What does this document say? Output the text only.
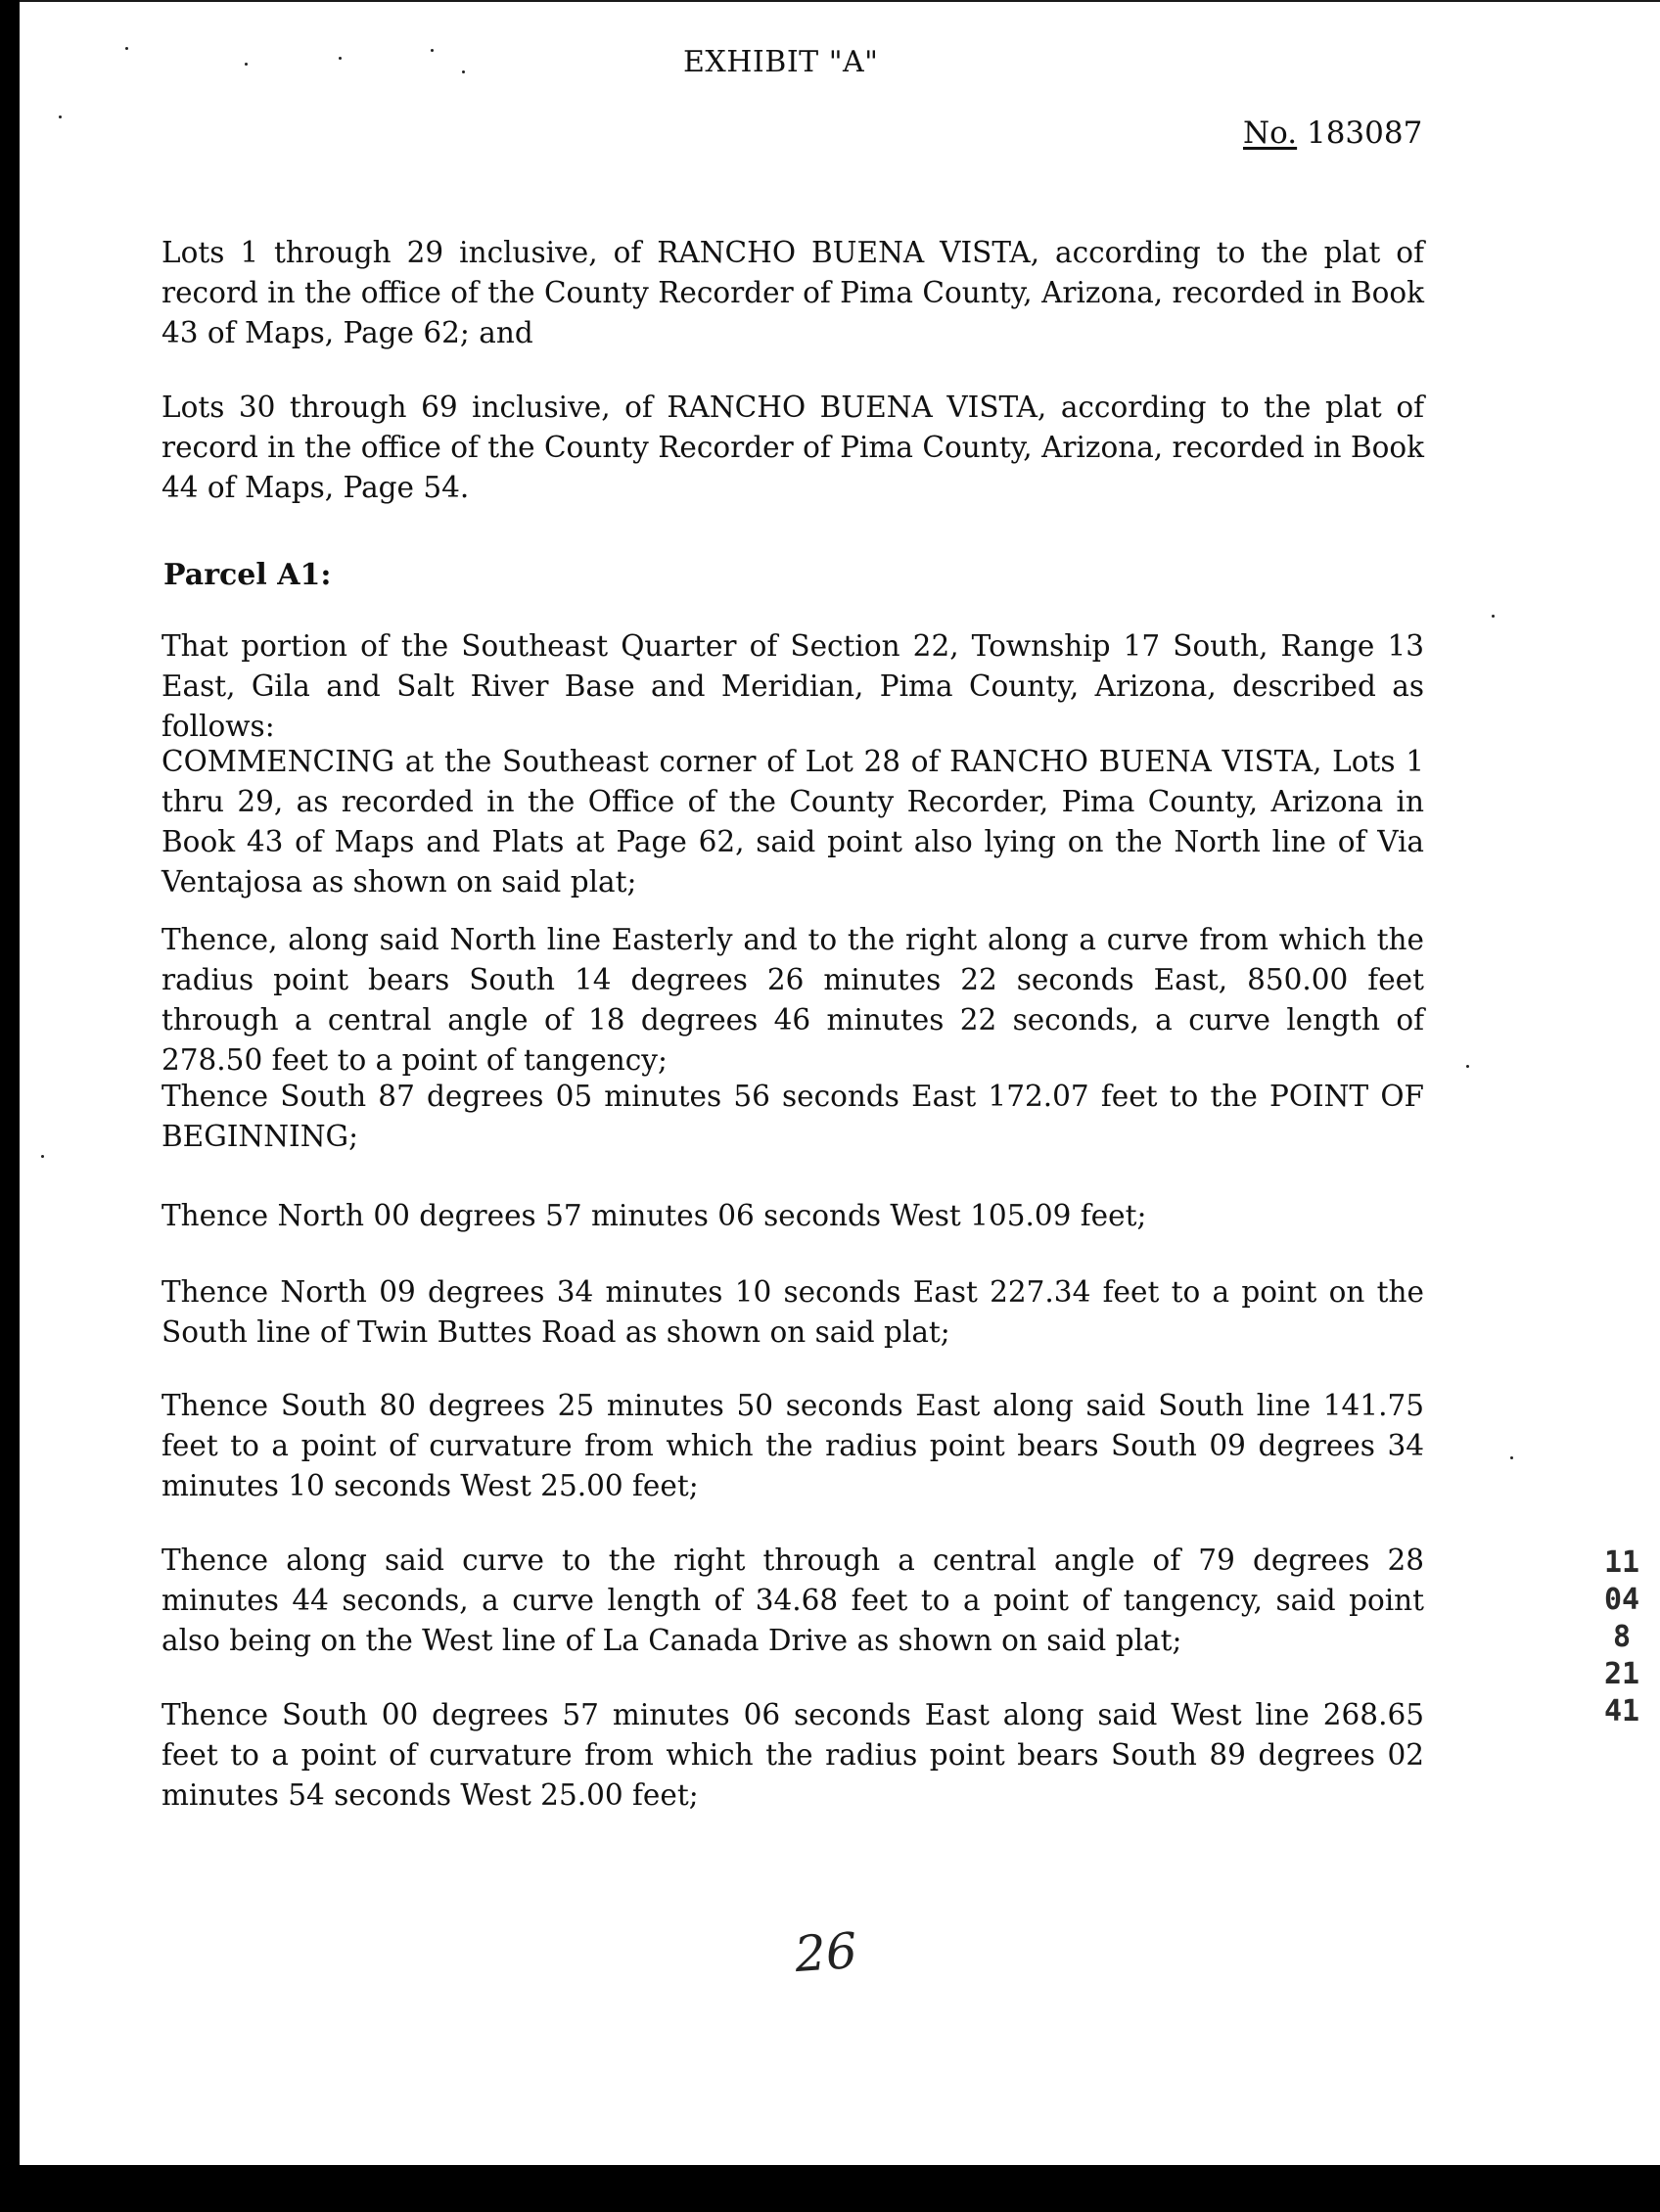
EXHIBIT "A"
No. 183087

Lots 1 through 29 inclusive, of RANCHO BUENA VISTA, according to the plat of record in the office of the County Recorder of Pima County, Arizona, recorded in Book 43 of Maps, Page 62; and

Lots 30 through 69 inclusive, of RANCHO BUENA VISTA, according to the plat of record in the office of the County Recorder of Pima County, Arizona, recorded in Book 44 of Maps, Page 54.

Parcel A1:

That portion of the Southeast Quarter of Section 22, Township 17 South, Range 13 East, Gila and Salt River Base and Meridian, Pima County, Arizona, described as follows:

COMMENCING at the Southeast corner of Lot 28 of RANCHO BUENA VISTA, Lots 1 thru 29, as recorded in the Office of the County Recorder, Pima County, Arizona in Book 43 of Maps and Plats at Page 62, said point also lying on the North line of Via Ventajosa as shown on said plat;

Thence, along said North line Easterly and to the right along a curve from which the radius point bears South 14 degrees 26 minutes 22 seconds East, 850.00 feet through a central angle of 18 degrees 46 minutes 22 seconds, a curve length of 278.50 feet to a point of tangency;

Thence South 87 degrees 05 minutes 56 seconds East 172.07 feet to the POINT OF BEGINNING;

Thence North 00 degrees 57 minutes 06 seconds West 105.09 feet;

Thence North 09 degrees 34 minutes 10 seconds East 227.34 feet to a point on the South line of Twin Buttes Road as shown on said plat;

Thence South 80 degrees 25 minutes 50 seconds East along said South line 141.75 feet to a point of curvature from which the radius point bears South 09 degrees 34 minutes 10 seconds West 25.00 feet;

Thence along said curve to the right through a central angle of 79 degrees 28 minutes 44 seconds, a curve length of 34.68 feet to a point of tangency, said point also being on the West line of La Canada Drive as shown on said plat;

Thence South 00 degrees 57 minutes 06 seconds East along said West line 268.65 feet to a point of curvature from which the radius point bears South 89 degrees 02 minutes 54 seconds West 25.00 feet;

11048 2141
26
